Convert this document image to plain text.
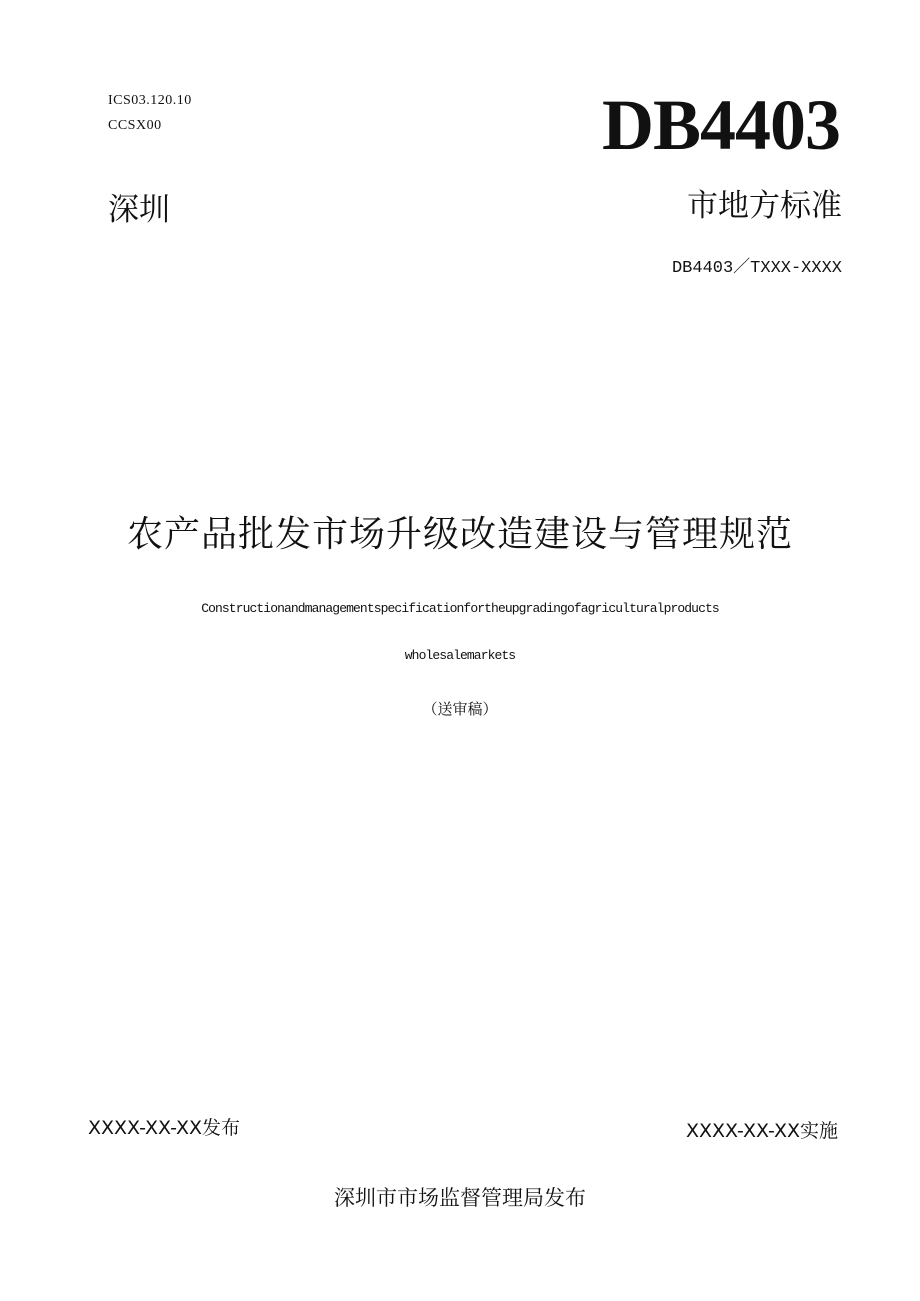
ICS03.120.10
CCSX00	DB4403
深圳	市地方标准
DB4403／TXXX-XXXX
农产品批发市场升级改造建设与管理规范
Constructionandmanagementspecificationfortheupgradingofagriculturalproducts
wholesalemarkets
（送审稿）
XXXX-XX-XX发布	XXXX-XX-XX实施
深圳市市场监督管理局发布
